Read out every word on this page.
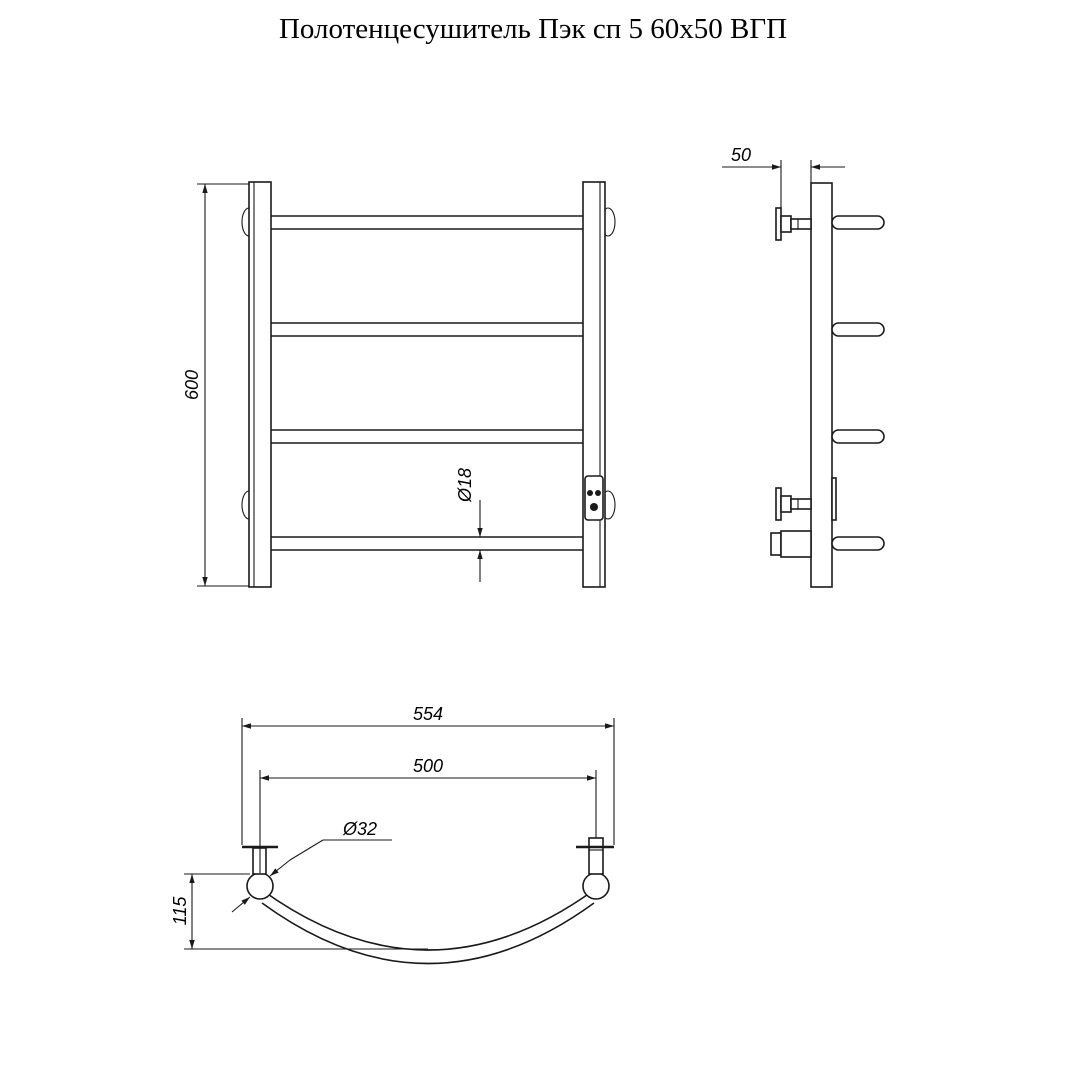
Полотенцесушитель Пэк сп 5 60х50 ВГП
600
Ø18
50
554
500
Ø32
115
